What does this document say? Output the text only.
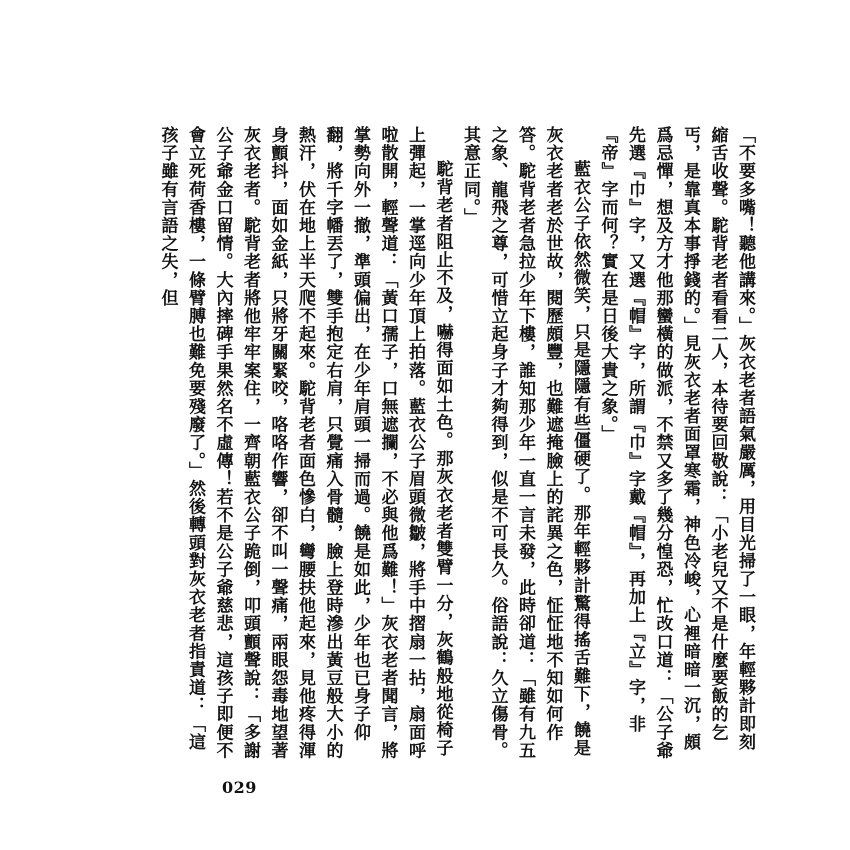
「不要多嘴！聽他講來。」灰衣老者語氣嚴厲，用目光掃了一眼，年輕夥計即刻縮舌收聲。駝背老者看看二人，本待要回敬說：「小老兒又不是什麼要飯的乞丐，是靠真本事掙錢的。」見灰衣老者面罩寒霜，神色冷峻，心裡暗暗一沉，頗爲忌憚，想及方才他那蠻橫的做派，不禁又多了幾分惶恐，忙改口道：「公子爺先選『巾』字，又選『帽』字，所謂『巾』字戴『帽』，再加上『立』字，非『帝』字而何？實在是日後大貴之象。」

藍衣公子依然微笑，只是隱隱有些僵硬了。那年輕夥計驚得搖舌難下，饒是灰衣老者老於世故，閱歷頗豐，也難遮掩臉上的詫異之色，怔怔地不知如何作答。駝背老者急拉少年下樓，誰知那少年一直一言未發，此時卻道：「雖有九五之象、龍飛之尊，可惜立起身子才夠得到，似是不可長久。俗語說：久立傷骨。其意正同。」

駝背老者阻止不及，嚇得面如土色。那灰衣老者雙臂一分，灰鶴般地從椅子上彈起，一掌逕向少年頂上拍落。藍衣公子眉頭微皺，將手中摺扇一拈，扇面呼啦散開，輕聲道：「黃口孺子，口無遮攔，不必與他爲難！」灰衣老者聞言，將掌勢向外一撤，準頭偏出，在少年肩頭一掃而過。饒是如此，少年也已身子仰翻，將千字幡丟了，雙手抱定右肩，只覺痛入骨髓，臉上登時滲出黃豆般大小的熱汗，伏在地上半天爬不起來。駝背老者面色慘白，彎腰扶他起來，見他疼得渾身顫抖，面如金紙，只將牙關緊咬，咯咯作響，卻不叫一聲痛，兩眼怨毒地望著灰衣老者。駝背老者將他牢牢案住，一齊朝藍衣公子跪倒，叩頭顫聲說：「多謝公子爺金口留情。大內摔碑手果然名不虛傳！若不是公子爺慈悲，這孩子即便不會立死荷香樓，一條臂膊也難免要殘廢了。」然後轉頭對灰衣老者指責道：「這孩子雖有言語之失，但

029
